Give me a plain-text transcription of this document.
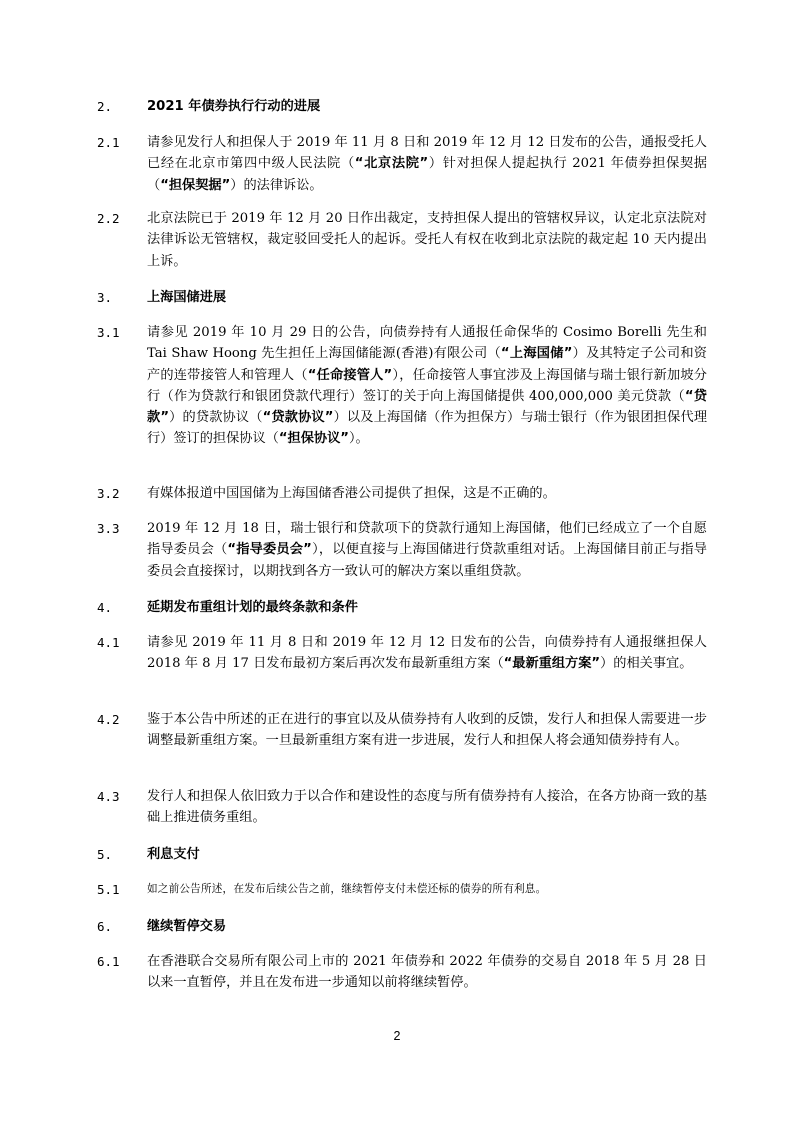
2.	2021 年债券执行行动的进展
2.1 请参见发行人和担保人于 2019 年 11 月 8 日和 2019 年 12 月 12 日发布的公告，通报受托人已经在北京市第四中级人民法院（“北京法院”）针对担保人提起执行 2021 年债券担保契据（“担保契据”）的法律诉讼。
2.2 北京法院已于 2019 年 12 月 20 日作出裁定，支持担保人提出的管辖权异议，认定北京法院对法律诉讼无管辖权，裁定驳回受托人的起诉。受托人有权在收到北京法院的裁定起 10 天内提出上诉。
3.	上海国储进展
3.1 请参见 2019 年 10 月 29 日的公告，向债券持有人通报任命保华的 Cosimo Borelli 先生和 Tai Shaw Hoong 先生担任上海国储能源(香港)有限公司（“上海国储”）及其特定子公司和资产的连带接管人和管理人（“任命接管人”），任命接管人事宜涉及上海国储与瑞士银行新加坡分行（作为贷款行和银团贷款代理行）签订的关于向上海国储提供 400,000,000 美元贷款（“贷款”）的贷款协议（“贷款协议”）以及上海国储（作为担保方）与瑞士银行（作为银团担保代理行）签订的担保协议（“担保协议”）。
3.2 有媒体报道中国国储为上海国储香港公司提供了担保，这是不正确的。
3.3 2019 年 12 月 18 日，瑞士银行和贷款项下的贷款行通知上海国储，他们已经成立了一个自愿指导委员会（“指导委员会”），以便直接与上海国储进行贷款重组对话。上海国储目前正与指导委员会直接探讨，以期找到各方一致认可的解决方案以重组贷款。
4.	延期发布重组计划的最终条款和条件
4.1 请参见 2019 年 11 月 8 日和 2019 年 12 月 12 日发布的公告，向债券持有人通报继担保人 2018 年 8 月 17 日发布最初方案后再次发布最新重组方案（“最新重组方案”）的相关事宜。
4.2 鉴于本公告中所述的正在进行的事宜以及从债券持有人收到的反馈，发行人和担保人需要进一步调整最新重组方案。一旦最新重组方案有进一步进展，发行人和担保人将会通知债券持有人。
4.3 发行人和担保人依旧致力于以合作和建设性的态度与所有债券持有人接洽，在各方协商一致的基础上推进债务重组。
5.	利息支付
5.1	如之前公告所述，在发布后续公告之前，继续暂停支付未偿还标的债券的所有利息。
6.	继续暂停交易
6.1 在香港联合交易所有限公司上市的 2021 年债券和 2022 年债券的交易自 2018 年 5 月 28 日以来一直暂停，并且在发布进一步通知以前将继续暂停。
2
